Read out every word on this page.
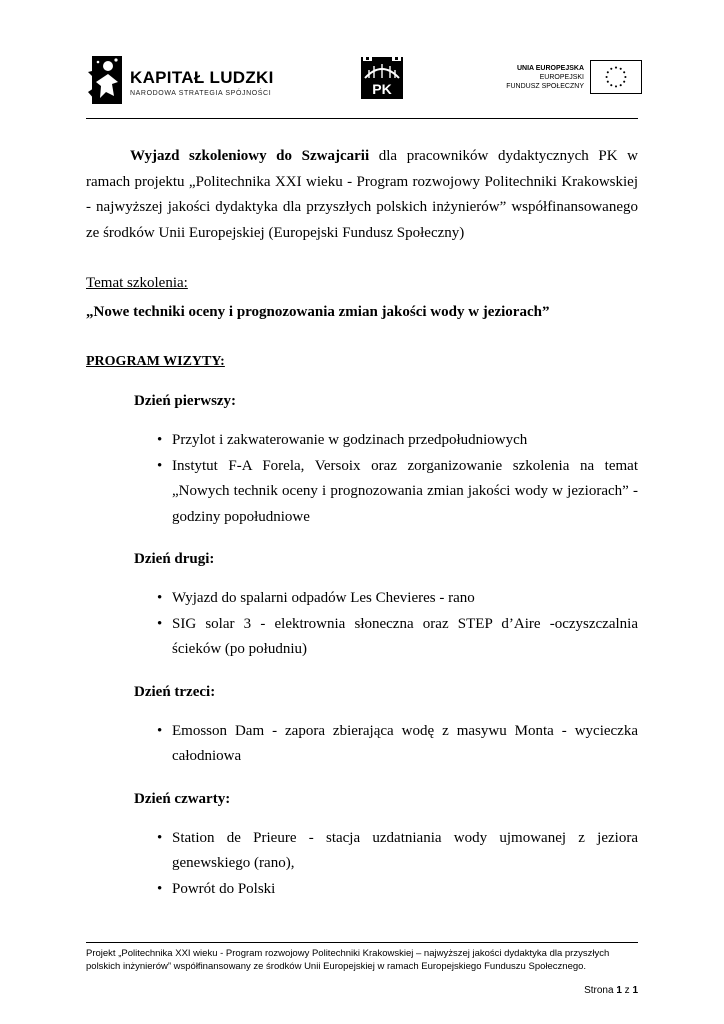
KAPITAŁ LUDZKI
NARODOWA STRATEGIA SPÓJNOŚCI	PK
UNIA EUROPEJSKA
EUROPEJSKI
FUNDUSZ SPOŁECZNY

Wyjazd szkoleniowy do Szwajcarii dla pracowników dydaktycznych PK w ramach projektu „Politechnika XXI wieku - Program rozwojowy Politechniki Krakowskiej - najwyższej jakości dydaktyka dla przyszłych polskich inżynierów” współfinansowanego ze środków Unii Europejskiej (Europejski Fundusz Społeczny)

Temat szkolenia:

„Nowe techniki oceny i prognozowania zmian jakości wody w jeziorach”

PROGRAM WIZYTY:

Dzień pierwszy:

• Przylot i zakwaterowanie w godzinach przedpołudniowych
• Instytut F-A Forela, Versoix oraz zorganizowanie szkolenia na temat „Nowych technik oceny i prognozowania zmian jakości wody w jeziorach” - godziny popołudniowe

Dzień drugi:

• Wyjazd do spalarni odpadów Les Chevieres - rano
• SIG solar 3 - elektrownia słoneczna oraz STEP d’Aire -oczyszczalnia ścieków (po południu)

Dzień trzeci:

• Emosson Dam - zapora zbierająca wodę z masywu Monta - wycieczka całodniowa

Dzień czwarty:

• Station de Prieure - stacja uzdatniania wody ujmowanej z jeziora genewskiego (rano),
• Powrót do Polski

Projekt „Politechnika XXI wieku - Program rozwojowy Politechniki Krakowskiej – najwyższej jakości dydaktyka dla przyszłych polskich inżynierów” współfinansowany ze środków Unii Europejskiej w ramach Europejskiego Funduszu Społecznego.

Strona 1 z 1
